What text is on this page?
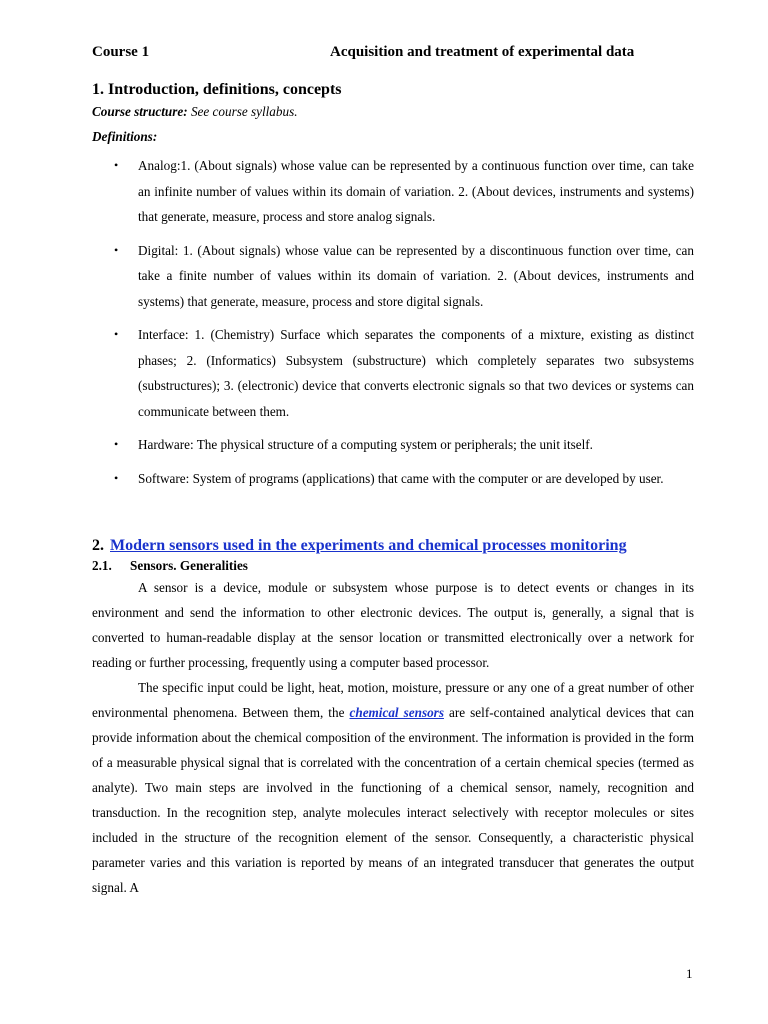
Course 1	Acquisition and treatment of experimental data
1. Introduction, definitions, concepts

Course structure: See course syllabus.

Definitions:

• Analog:1. (About signals) whose value can be represented by a continuous function over time, can take an infinite number of values within its domain of variation. 2. (About devices, instruments and systems) that generate, measure, process and store analog signals.
• Digital: 1. (About signals) whose value can be represented by a discontinuous function over time, can take a finite number of values within its domain of variation. 2. (About devices, instruments and systems) that generate, measure, process and store digital signals.
• Interface: 1. (Chemistry) Surface which separates the components of a mixture, existing as distinct phases; 2. (Informatics) Subsystem (substructure) which completely separates two subsystems (substructures); 3. (electronic) device that converts electronic signals so that two devices or systems can communicate between them.
• Hardware: The physical structure of a computing system or peripherals; the unit itself.
• Software: System of programs (applications) that came with the computer or are developed by user.
2. Modern sensors used in the experiments and chemical processes monitoring
2.1. Sensors. Generalities

A sensor is a device, module or subsystem whose purpose is to detect events or changes in its environment and send the information to other electronic devices. The output is, generally, a signal that is converted to human-readable display at the sensor location or transmitted electronically over a network for reading or further processing, frequently using a computer based processor.

The specific input could be light, heat, motion, moisture, pressure or any one of a great number of other environmental phenomena. Between them, the chemical sensors are self-contained analytical devices that can provide information about the chemical composition of the environment. The information is provided in the form of a measurable physical signal that is correlated with the concentration of a certain chemical species (termed as analyte). Two main steps are involved in the functioning of a chemical sensor, namely, recognition and transduction. In the recognition step, analyte molecules interact selectively with receptor molecules or sites included in the structure of the recognition element of the sensor. Consequently, a characteristic physical parameter varies and this variation is reported by means of an integrated transducer that generates the output signal. A

1
